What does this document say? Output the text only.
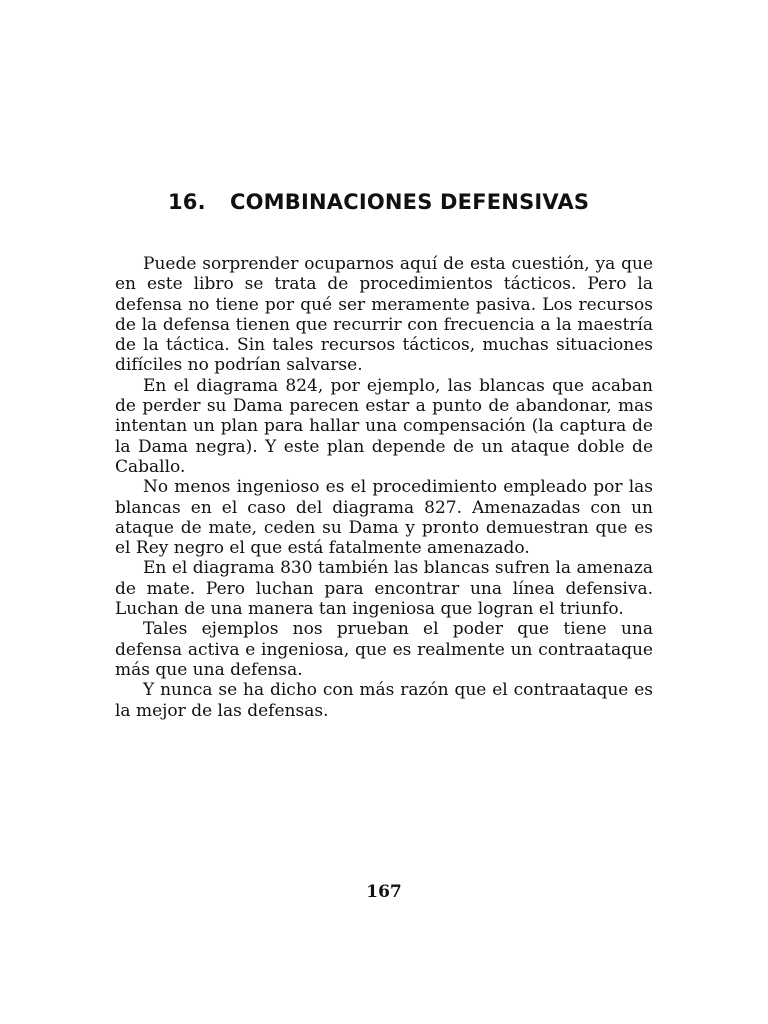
16. COMBINACIONES DEFENSIVAS

Puede sorprender ocuparnos aquí de esta cuestión, ya que en este libro se trata de procedimientos tácticos. Pero la defensa no tiene por qué ser meramente pasiva. Los recursos de la defensa tienen que recurrir con frecuencia a la maestría de la táctica. Sin tales recursos tácticos, muchas situaciones difíciles no podrían salvarse.

En el diagrama 824, por ejemplo, las blancas que acaban de perder su Dama parecen estar a punto de abandonar, mas intentan un plan para hallar una compensación (la captura de la Dama negra). Y este plan depende de un ataque doble de Caballo.

No menos ingenioso es el procedimiento empleado por las blancas en el caso del diagrama 827. Amenazadas con un ataque de mate, ceden su Dama y pronto demuestran que es el Rey negro el que está fatalmente amenazado.

En el diagrama 830 también las blancas sufren la amenaza de mate. Pero luchan para encontrar una línea defensiva. Luchan de una manera tan ingeniosa que logran el triunfo.

Tales ejemplos nos prueban el poder que tiene una defensa activa e ingeniosa, que es realmente un contraataque más que una defensa.

Y nunca se ha dicho con más razón que el contraataque es la mejor de las defensas.

167
